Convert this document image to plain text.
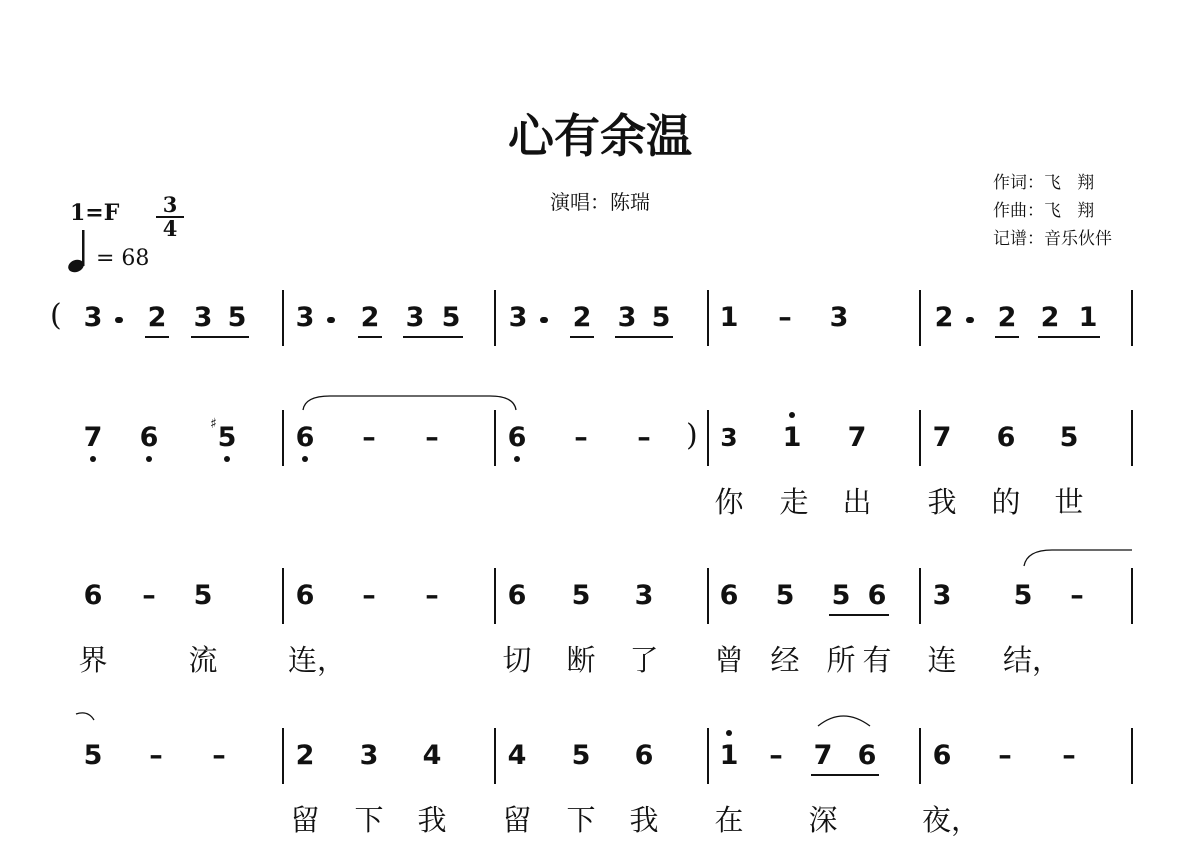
心有余温
演唱：陈瑞
作词：飞   翔
作曲：飞   翔
记谱：音乐伙伴
$1=F \frac{3}{4}$
= 68
3	2	3 5	3	2 3 5	3	2 3 5	1	–	3	2	2 2 1
(
7	6	5	6	–	–	6	–	–	3	1	7	7	6	5
你 走 出 我 的 世
)
♯
6	–	5	6	–	–	6	5	3	6	5	5 6	3	5	–
界	流 连，	切 断 了 曾 经 所 有 连 结，
5	–	–	2	3	4	4	5	6	1	–	7 6	6	–	–
留 下 我 留 下 我 在 深	夜，
